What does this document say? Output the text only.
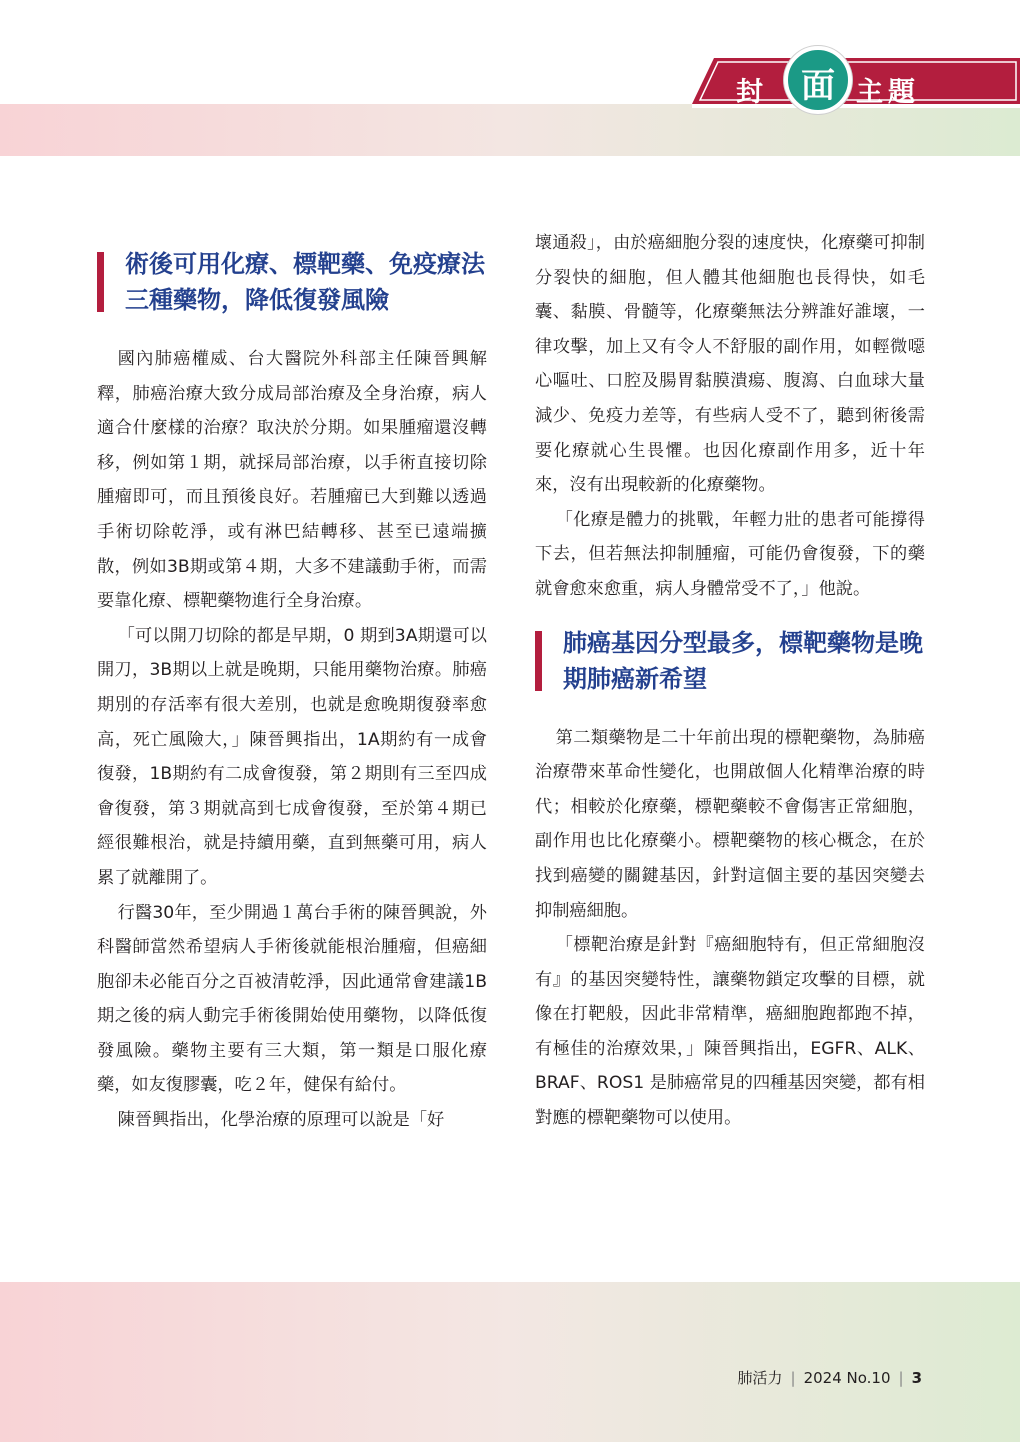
封	面 主 題
術後可用化療、標靶藥、免疫療法三種藥物，降低復發風險

國內肺癌權威、台大醫院外科部主任陳晉興解釋，肺癌治療大致分成局部治療及全身治療，病人適合什麼樣的治療？取決於分期。如果腫瘤還沒轉移，例如第１期，就採局部治療，以手術直接切除腫瘤即可，而且預後良好。若腫瘤已大到難以透過手術切除乾淨，或有淋巴結轉移、甚至已遠端擴散，例如3B期或第４期，大多不建議動手術，而需要靠化療、標靶藥物進行全身治療。

「可以開刀切除的都是早期，0 期到3A期還可以開刀，3B期以上就是晚期，只能用藥物治療。肺癌期別的存活率有很大差別，也就是愈晚期復發率愈高，死亡風險大，」陳晉興指出，1A期約有一成會復發，1B期約有二成會復發，第２期則有三至四成會復發，第３期就高到七成會復發，至於第４期已經很難根治，就是持續用藥，直到無藥可用，病人累了就離開了。

行醫30年，至少開過１萬台手術的陳晉興說，外科醫師當然希望病人手術後就能根治腫瘤，但癌細胞卻未必能百分之百被清乾淨，因此通常會建議1B期之後的病人動完手術後開始使用藥物，以降低復發風險。藥物主要有三大類，第一類是口服化療藥，如友復膠囊，吃２年，健保有給付。

陳晉興指出，化學治療的原理可以說是「好

壞通殺」，由於癌細胞分裂的速度快，化療藥可抑制分裂快的細胞，但人體其他細胞也長得快，如毛囊、黏膜、骨髓等，化療藥無法分辨誰好誰壞，一律攻擊，加上又有令人不舒服的副作用，如輕微噁心嘔吐、口腔及腸胃黏膜潰瘍、腹瀉、白血球大量減少、免疫力差等，有些病人受不了，聽到術後需要化療就心生畏懼。也因化療副作用多，近十年來，沒有出現較新的化療藥物。

「化療是體力的挑戰，年輕力壯的患者可能撐得下去，但若無法抑制腫瘤，可能仍會復發，下的藥就會愈來愈重，病人身體常受不了，」他說。

肺癌基因分型最多，標靶藥物是晚期肺癌新希望

第二類藥物是二十年前出現的標靶藥物，為肺癌治療帶來革命性變化，也開啟個人化精準治療的時代；相較於化療藥，標靶藥較不會傷害正常細胞，副作用也比化療藥小。標靶藥物的核心概念，在於找到癌變的關鍵基因，針對這個主要的基因突變去抑制癌細胞。

「標靶治療是針對『癌細胞特有，但正常細胞沒有』的基因突變特性，讓藥物鎖定攻擊的目標，就像在打靶般，因此非常精準，癌細胞跑都跑不掉，有極佳的治療效果，」陳晉興指出，EGFR、ALK、BRAF、ROS1 是肺癌常見的四種基因突變，都有相對應的標靶藥物可以使用。

肺活力 | 2024 No.10 | 3
